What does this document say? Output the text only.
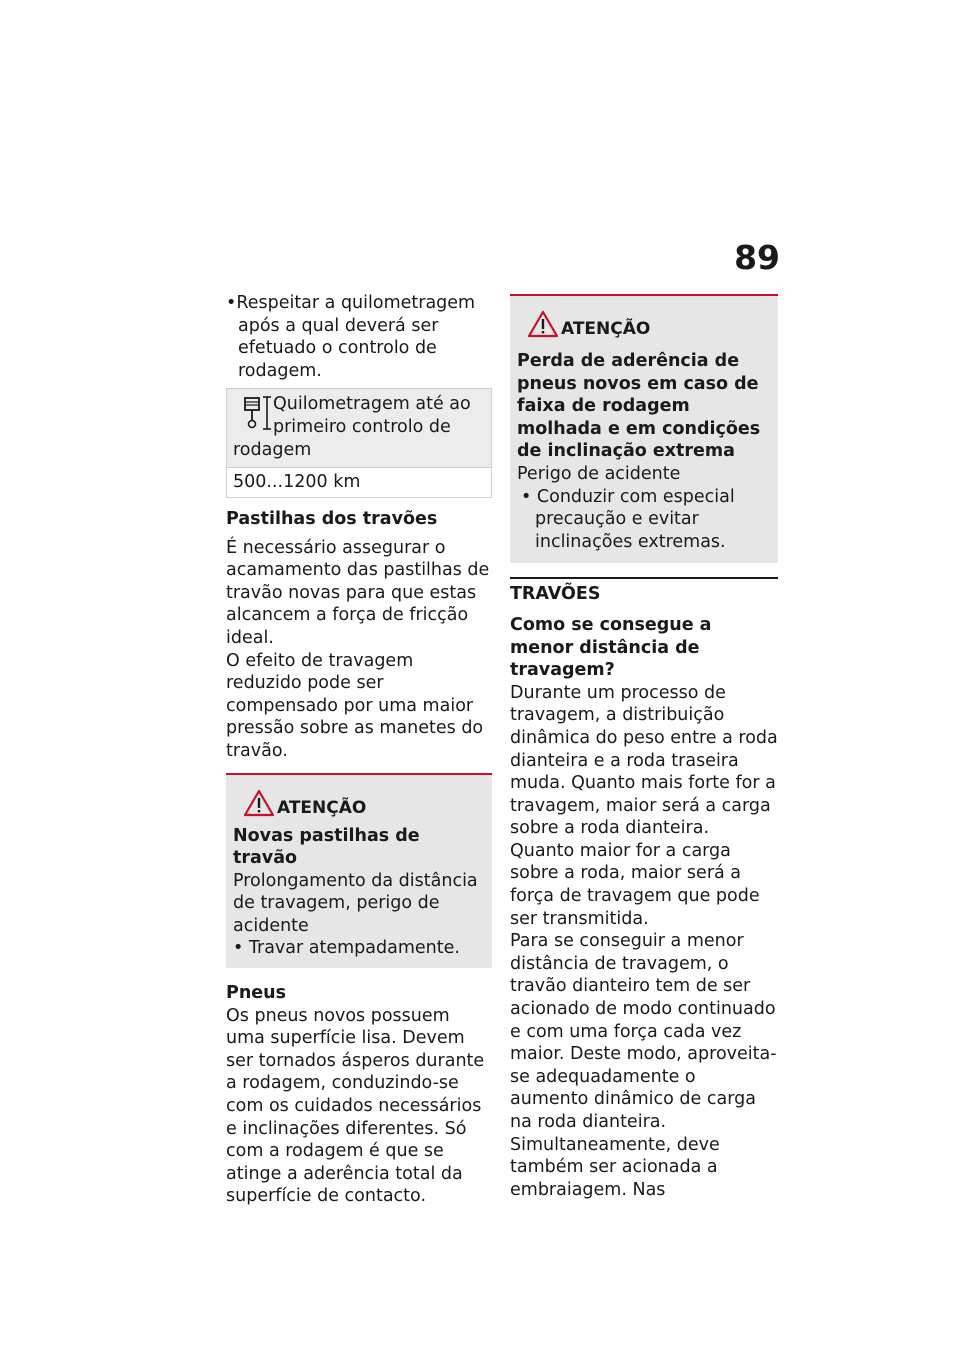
89

•Respeitar a quilometragem após a qual deverá ser efetuado o controlo de rodagem.

Quilometragem até ao

primeiro controlo de

rodagem

500...1200 km

Pastilhas dos travões

É necessário assegurar o acamamento das pastilhas de travão novas para que estas alcancem a força de fricção ideal.

O efeito de travagem reduzido pode ser compensado por uma maior pressão sobre as manetes do travão.

ATENÇÃO

Novas pastilhas de travão

Prolongamento da distância de travagem, perigo de acidente

• Travar atempadamente.

Pneus

Os pneus novos possuem uma superfície lisa. Devem ser tornados ásperos durante a rodagem, conduzindo-se com os cuidados necessários e inclinações diferentes. Só com a rodagem é que se atinge a aderência total da superfície de contacto.

ATENÇÃO

Perda de aderência de pneus novos em caso de faixa de rodagem molhada e em condições de inclinação extrema

Perigo de acidente

• Conduzir com especial precaução e evitar inclinações extremas.

TRAVÕES

Como se consegue a menor distância de travagem?

Durante um processo de travagem, a distribuição dinâmica do peso entre a roda dianteira e a roda traseira muda. Quanto mais forte for a travagem, maior será a carga sobre a roda dianteira. Quanto maior for a carga sobre a roda, maior será a força de travagem que pode ser transmitida.

Para se conseguir a menor distância de travagem, o travão dianteiro tem de ser acionado de modo continuado e com uma força cada vez maior. Deste modo, aproveita-se adequadamente o aumento dinâmico de carga na roda dianteira. Simultaneamente, deve também ser acionada a embraiagem. Nas
